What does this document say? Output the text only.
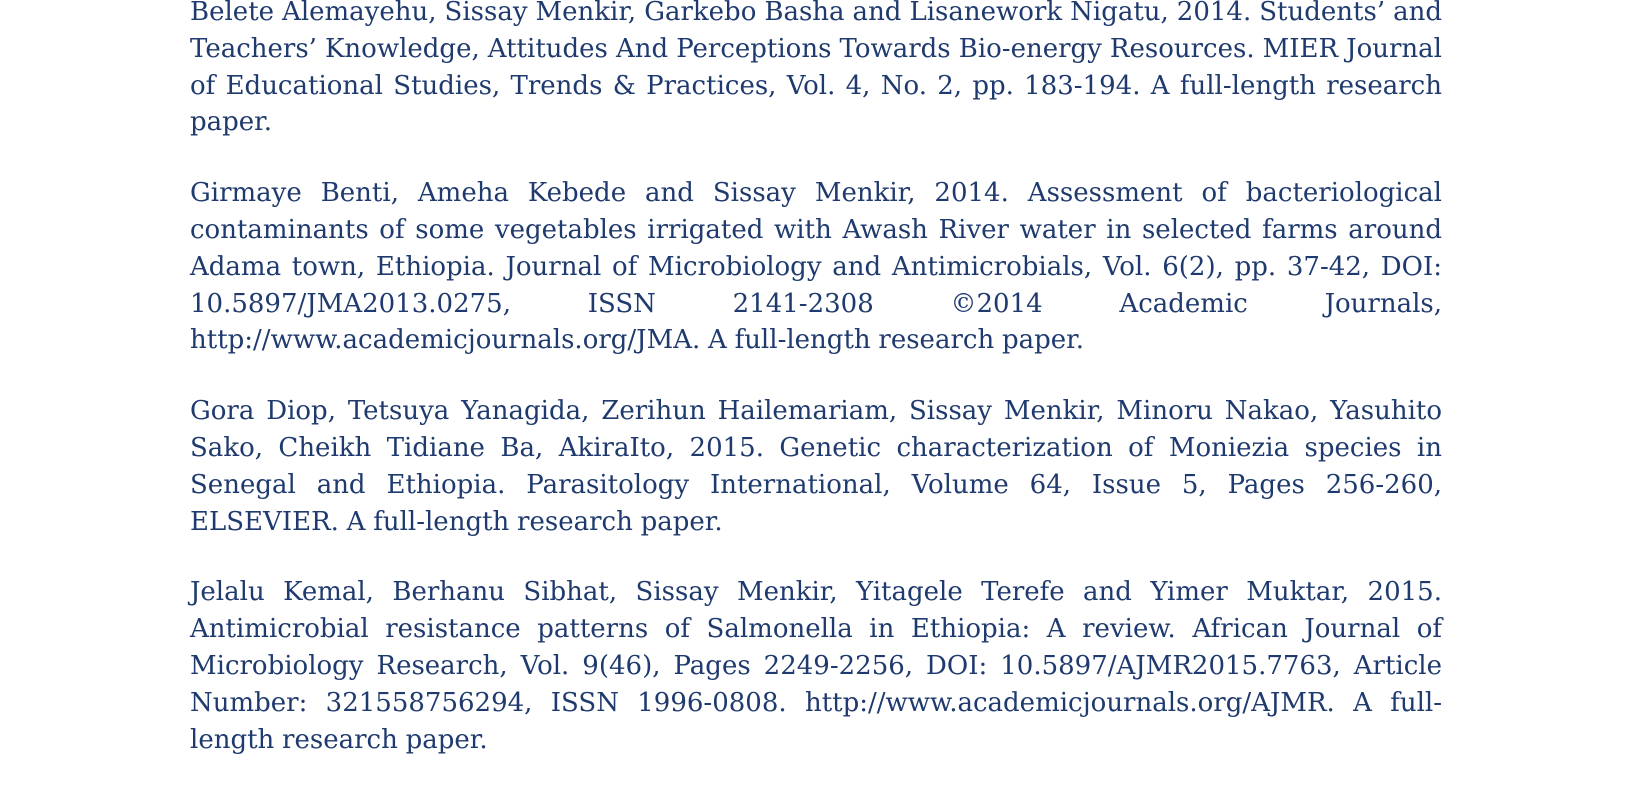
Belete Alemayehu, Sissay Menkir, Garkebo Basha and Lisanework Nigatu, 2014. Students’ and Teachers’ Knowledge, Attitudes And Perceptions Towards Bio-energy Resources. MIER Journal of Educational Studies, Trends & Practices, Vol. 4, No. 2, pp. 183-194. A full-length research paper.

Girmaye Benti, Ameha Kebede and Sissay Menkir, 2014. Assessment of bacteriological contaminants of some vegetables irrigated with Awash River water in selected farms around Adama town, Ethiopia. Journal of Microbiology and Antimicrobials, Vol. 6(2), pp. 37-42, DOI: 10.5897/JMA2013.0275, ISSN 2141-2308 ©2014 Academic Journals, http://www.academicjournals.org/JMA. A full-length research paper.

Gora Diop, Tetsuya Yanagida, Zerihun Hailemariam, Sissay Menkir, Minoru Nakao, Yasuhito Sako, Cheikh Tidiane Ba, AkiraIto, 2015. Genetic characterization of Moniezia species in Senegal and Ethiopia. Parasitology International, Volume 64, Issue 5, Pages 256-260, ELSEVIER. A full-length research paper.

Jelalu Kemal, Berhanu Sibhat, Sissay Menkir, Yitagele Terefe and Yimer Muktar, 2015. Antimicrobial resistance patterns of Salmonella in Ethiopia: A review. African Journal of Microbiology Research, Vol. 9(46), Pages 2249-2256, DOI: 10.5897/AJMR2015.7763, Article Number: 321558756294, ISSN 1996-0808. http://www.academicjournals.org/AJMR. A full-length research paper.
